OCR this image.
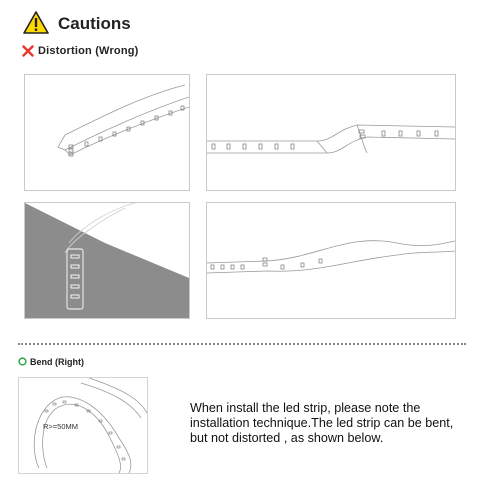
Cautions
Distortion (Wrong)
Bend (Right)
R>=50MM
When install the led strip, please note the installation technique.The led strip can be bent, but not distorted , as shown below.
